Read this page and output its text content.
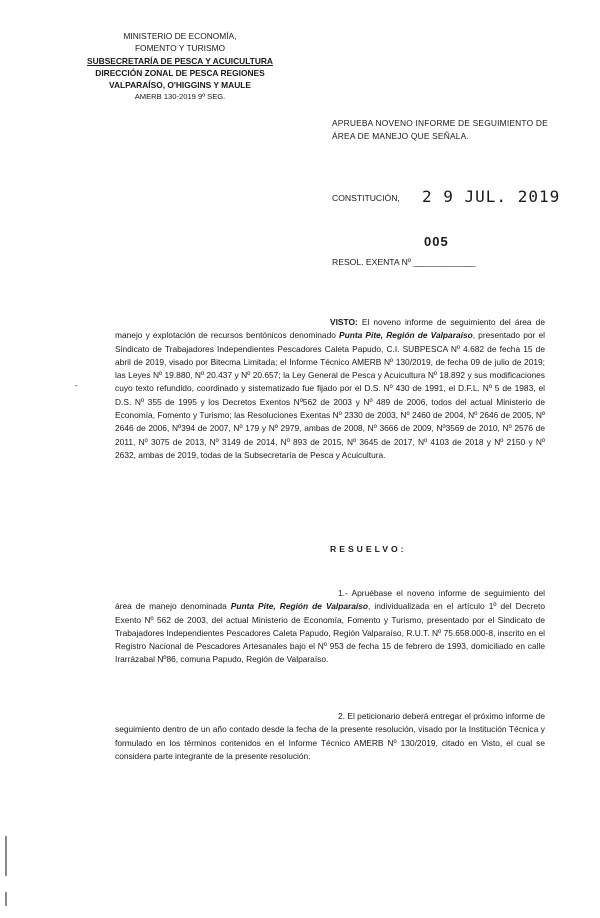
MINISTERIO DE ECONOMÍA,
FOMENTO Y TURISMO
SUBSECRETARÍA DE PESCA Y ACUICULTURA
DIRECCIÓN ZONAL DE PESCA REGIONES
VALPARAÍSO, O'HIGGINS Y MAULE
AMERB 130-2019 9º SEG.
APRUEBA NOVENO INFORME DE SEGUIMIENTO DE ÁREA DE MANEJO QUE SEÑALA.
CONSTITUCIÓN, 2 9 JUL. 2019
005
RESOL. EXENTA Nº _____________
-
VISTO: El noveno informe de seguimiento del área de manejo y explotación de recursos bentónicos denominado Punta Pite, Región de Valparaíso, presentado por el Sindicato de Trabajadores Independientes Pescadores Caleta Papudo, C.I. SUBPESCA Nº 4.682 de fecha 15 de abril de 2019, visado por Bitecma Limitada; el Informe Técnico AMERB Nº 130/2019, de fecha 09 de julio de 2019; las Leyes Nº 19.880, Nº 20.437 y Nº 20.657; la Ley General de Pesca y Acuicultura Nº 18.892 y sus modificaciones cuyo texto refundido, coordinado y sistematizado fue fijado por el D.S. Nº 430 de 1991, el D.F.L. Nº 5 de 1983, el D.S. Nº 355 de 1995 y los Decretos Exentos Nº562 de 2003 y Nº 489 de 2006, todos del actual Ministerio de Economía, Fomento y Turismo; las Resoluciones Exentas Nº 2330 de 2003, Nº 2460 de 2004, Nº 2646 de 2005, Nº 2646 de 2006, Nº394 de 2007, Nº 179 y Nº 2979, ambas de 2008, Nº 3666 de 2009, Nº3569 de 2010, Nº 2576 de 2011, Nº 3075 de 2013, Nº 3149 de 2014, Nº 893 de 2015, Nº 3645 de 2017, Nº 4103 de 2018 y Nº 2150 y Nº 2632, ambas de 2019, todas de la Subsecretaría de Pesca y Acuicultura.
RESUELVO:
1.- Apruébase el noveno informe de seguimiento del área de manejo denominada Punta Pite, Región de Valparaíso, individualizada en el artículo 1º del Decreto Exento Nº 562 de 2003, del actual Ministerio de Economía, Fomento y Turismo, presentado por el Sindicato de Trabajadores Independientes Pescadores Caleta Papudo, Región Valparaíso, R.U.T. Nº 75.658.000-8, inscrito en el Registro Nacional de Pescadores Artesanales bajo el Nº 953 de fecha 15 de febrero de 1993, domiciliado en calle Irarrázabal Nº86, comuna Papudo, Región de Valparaíso.
2. El peticionario deberá entregar el próximo informe de seguimiento dentro de un año contado desde la fecha de la presente resolución, visado por la Institución Técnica y formulado en los términos contenidos en el Informe Técnico AMERB Nº 130/2019, citado en Visto, el cual se considera parte integrante de la presente resolución.
